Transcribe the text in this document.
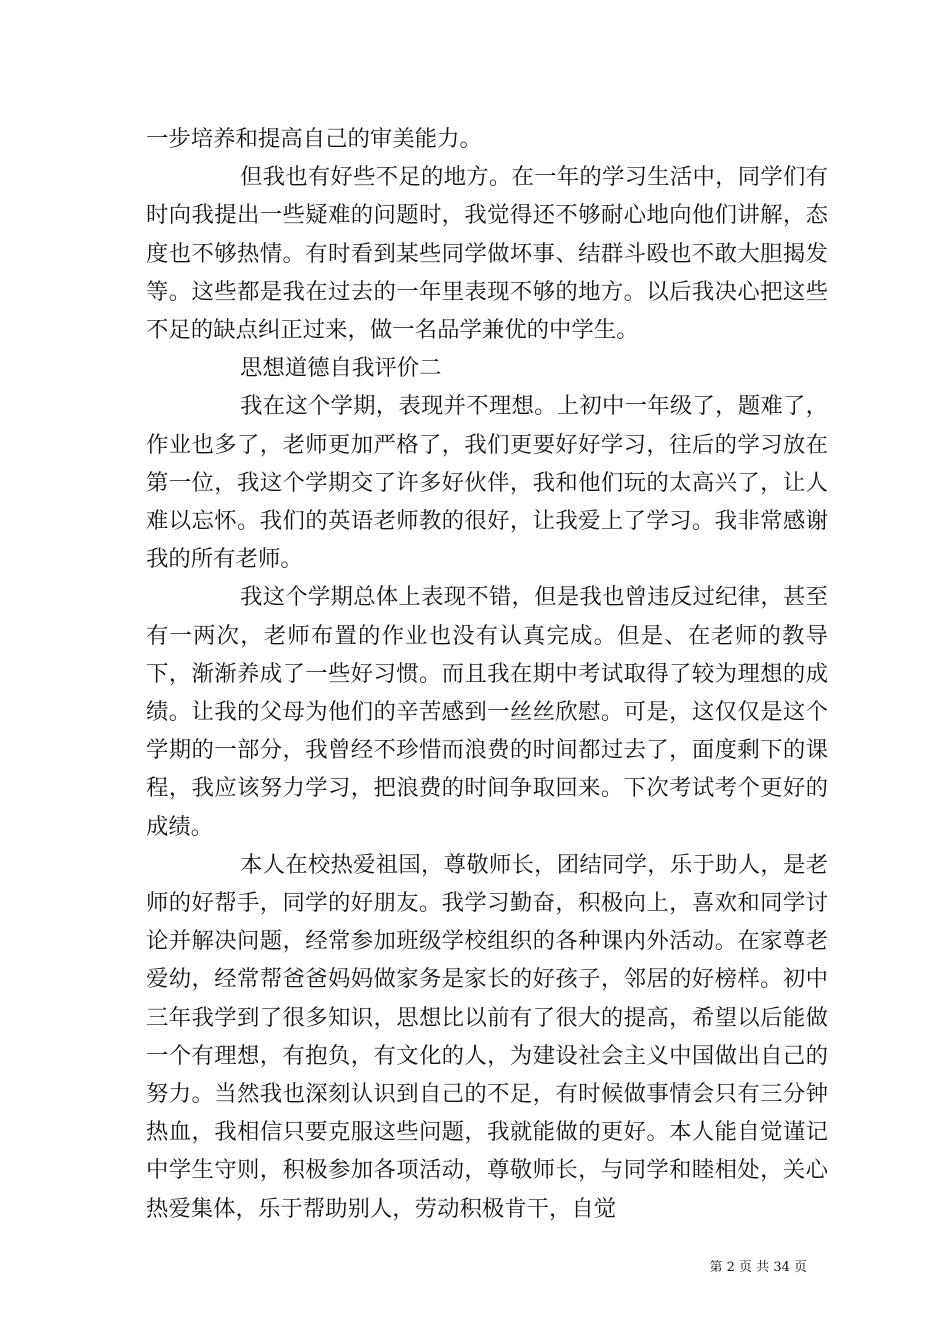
一步培养和提高自己的审美能力。

但我也有好些不足的地方。在一年的学习生活中，同学们有时向我提出一些疑难的问题时，我觉得还不够耐心地向他们讲解，态度也不够热情。有时看到某些同学做坏事、结群斗殴也不敢大胆揭发等。这些都是我在过去的一年里表现不够的地方。以后我决心把这些不足的缺点纠正过来，做一名品学兼优的中学生。

思想道德自我评价二

我在这个学期，表现并不理想。上初中一年级了，题难了，作业也多了，老师更加严格了，我们更要好好学习，往后的学习放在第一位，我这个学期交了许多好伙伴，我和他们玩的太高兴了，让人难以忘怀。我们的英语老师教的很好，让我爱上了学习。我非常感谢我的所有老师。

我这个学期总体上表现不错，但是我也曾违反过纪律，甚至有一两次，老师布置的作业也没有认真完成。但是、在老师的教导下，渐渐养成了一些好习惯。而且我在期中考试取得了较为理想的成绩。让我的父母为他们的辛苦感到一丝丝欣慰。可是，这仅仅是这个学期的一部分，我曾经不珍惜而浪费的时间都过去了，面度剩下的课程，我应该努力学习，把浪费的时间争取回来。下次考试考个更好的成绩。

本人在校热爱祖国，尊敬师长，团结同学，乐于助人，是老师的好帮手，同学的好朋友。我学习勤奋，积极向上，喜欢和同学讨论并解决问题，经常参加班级学校组织的各种课内外活动。在家尊老爱幼，经常帮爸爸妈妈做家务是家长的好孩子，邻居的好榜样。初中三年我学到了很多知识，思想比以前有了很大的提高，希望以后能做一个有理想，有抱负，有文化的人，为建设社会主义中国做出自己的努力。当然我也深刻认识到自己的不足，有时候做事情会只有三分钟热血，我相信只要克服这些问题，我就能做的更好。本人能自觉谨记中学生守则，积极参加各项活动，尊敬师长，与同学和睦相处，关心热爱集体，乐于帮助别人，劳动积极肯干，自觉

第 2 页 共 34 页
